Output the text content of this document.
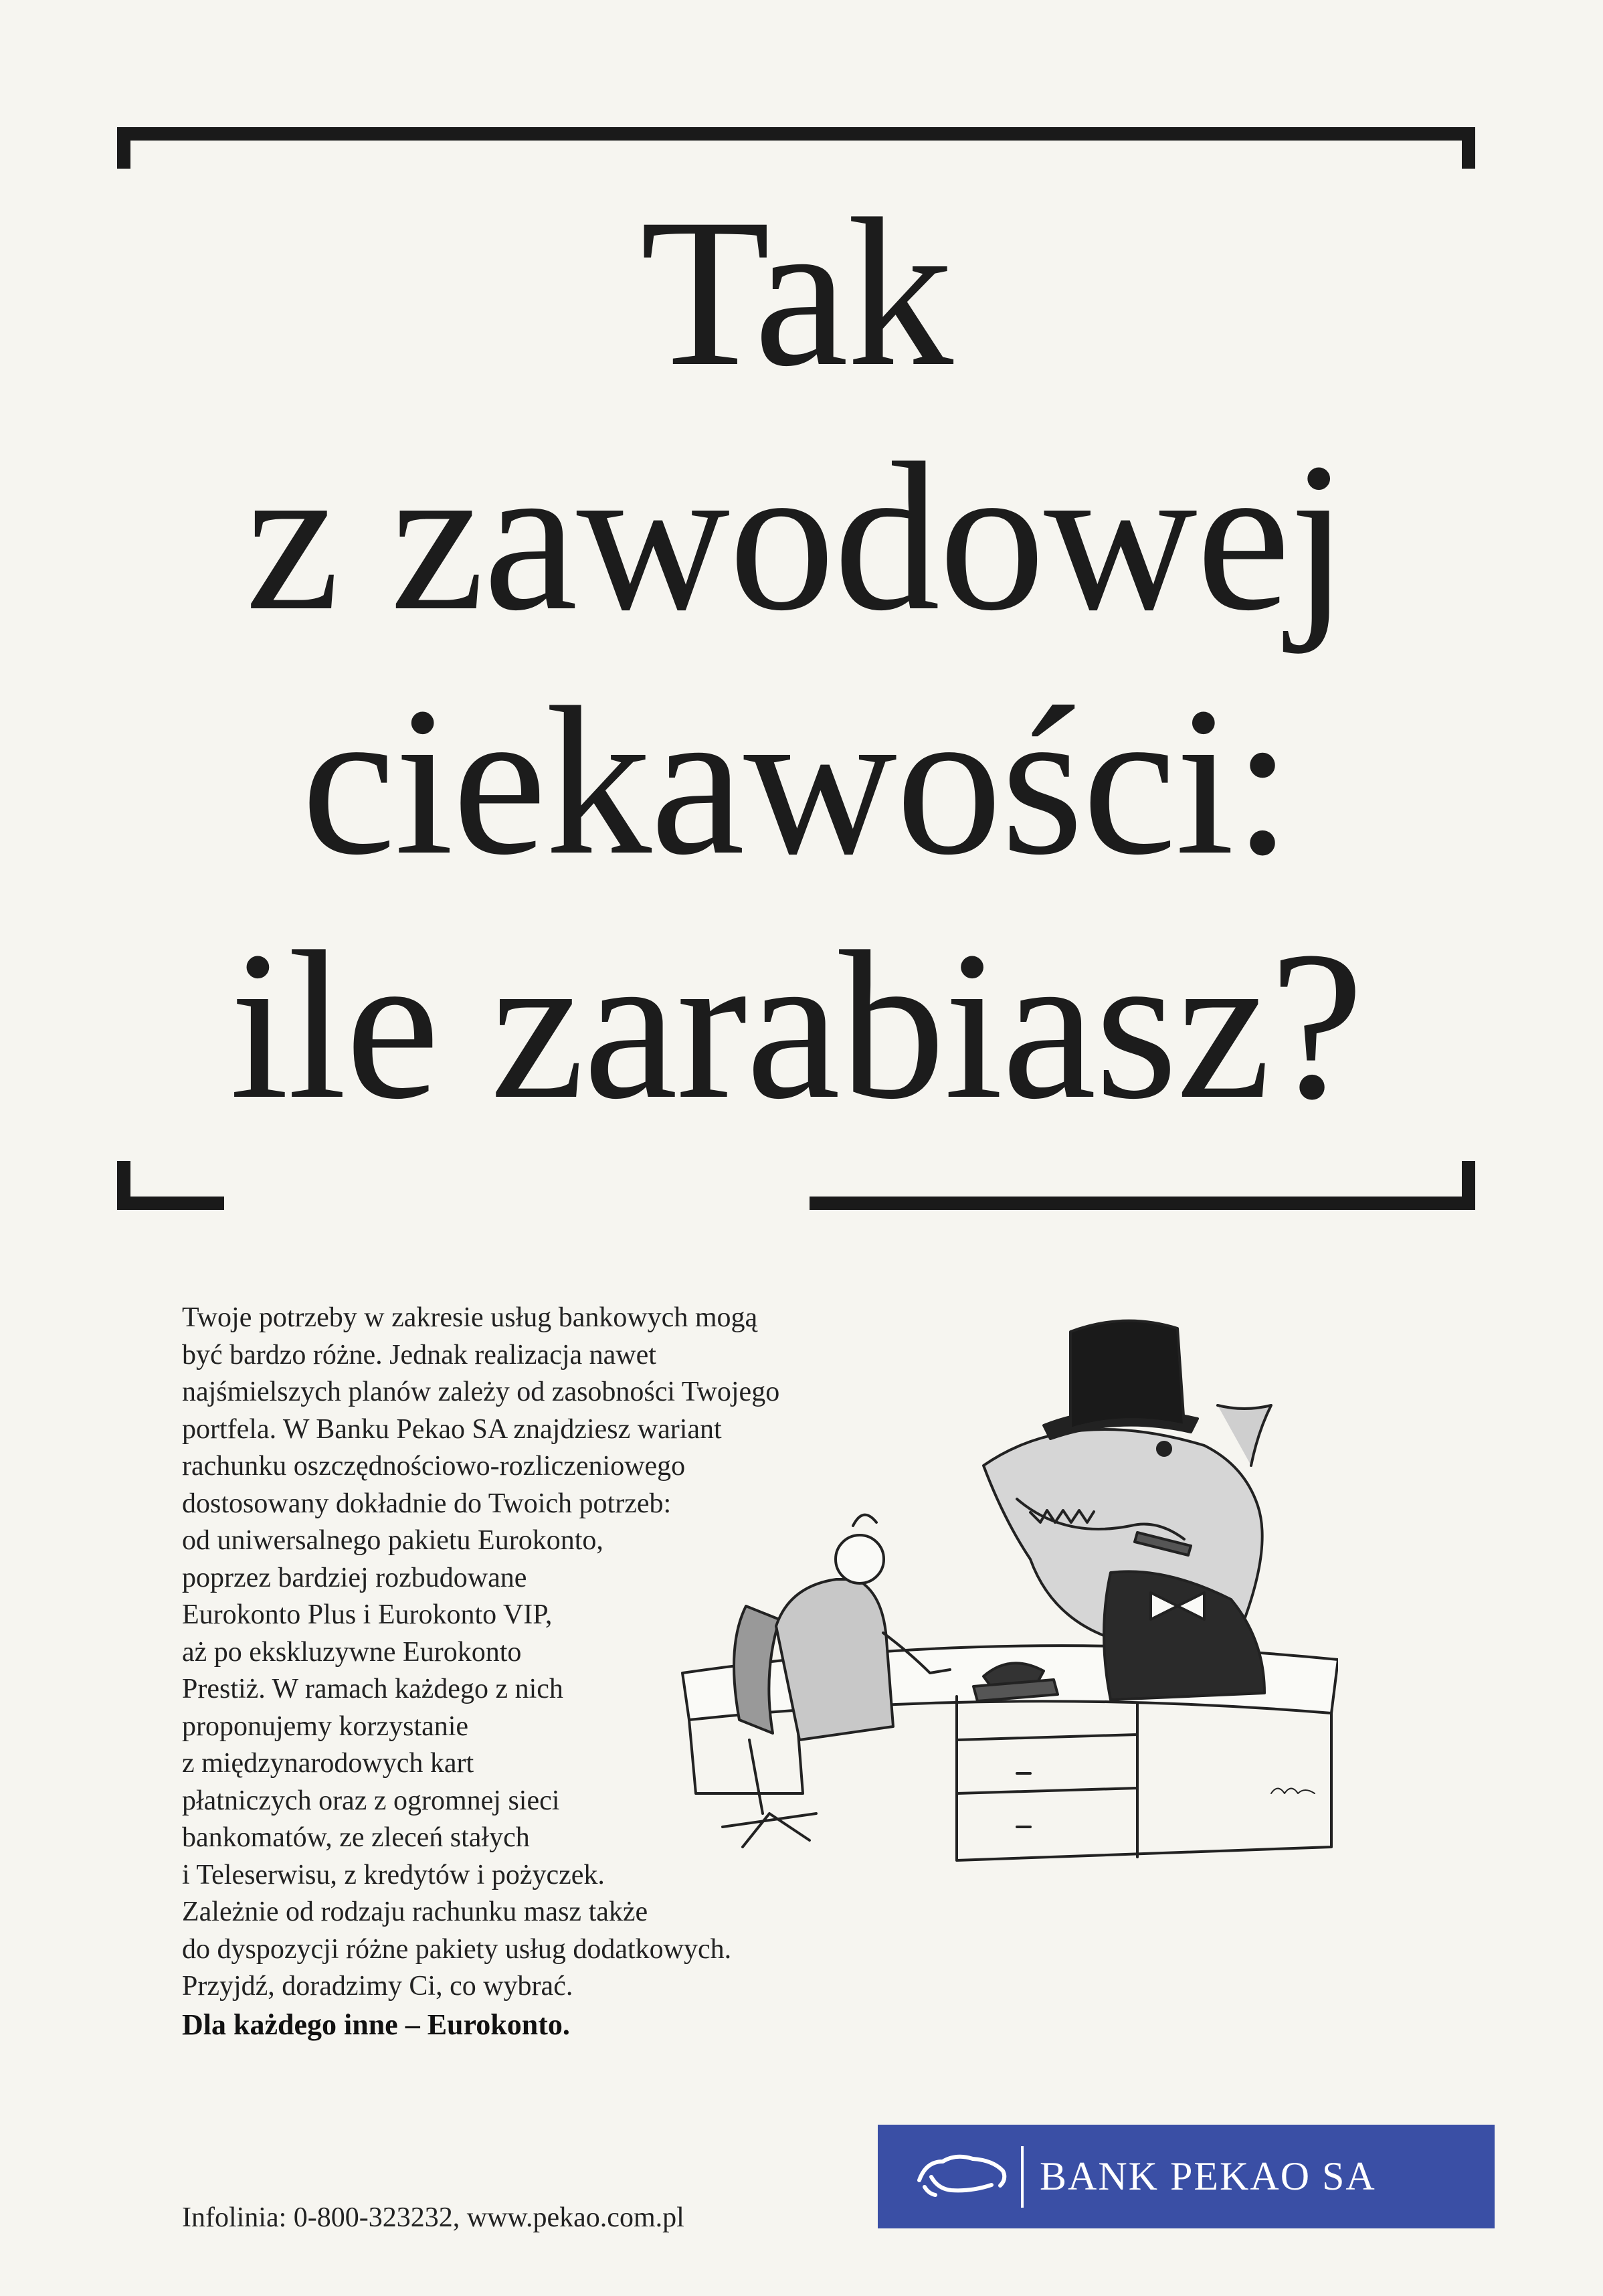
Tak
z zawodowej
ciekawości:
ile zarabiasz?
Twoje potrzeby w zakresie usług bankowych mogą
być bardzo różne. Jednak realizacja nawet
najśmielszych planów zależy od zasobności Twojego
portfela. W Banku Pekao SA znajdziesz wariant
rachunku oszczędnościowo-rozliczeniowego
dostosowany dokładnie do Twoich potrzeb:
od uniwersalnego pakietu Eurokonto,
poprzez bardziej rozbudowane
Eurokonto Plus i Eurokonto VIP,
aż po ekskluzywne Eurokonto
Prestiż. W ramach każdego z nich
proponujemy korzystanie
z międzynarodowych kart
płatniczych oraz z ogromnej sieci
bankomatów, ze zleceń stałych
i Teleserwisu, z kredytów i pożyczek.
Zależnie od rodzaju rachunku masz także
do dyspozycji różne pakiety usług dodatkowych.
Przyjdź, doradzimy Ci, co wybrać.

Dla każdego inne – Eurokonto.

Infolinia: 0-800-323232, www.pekao.com.pl
BANK PEKAO SA
